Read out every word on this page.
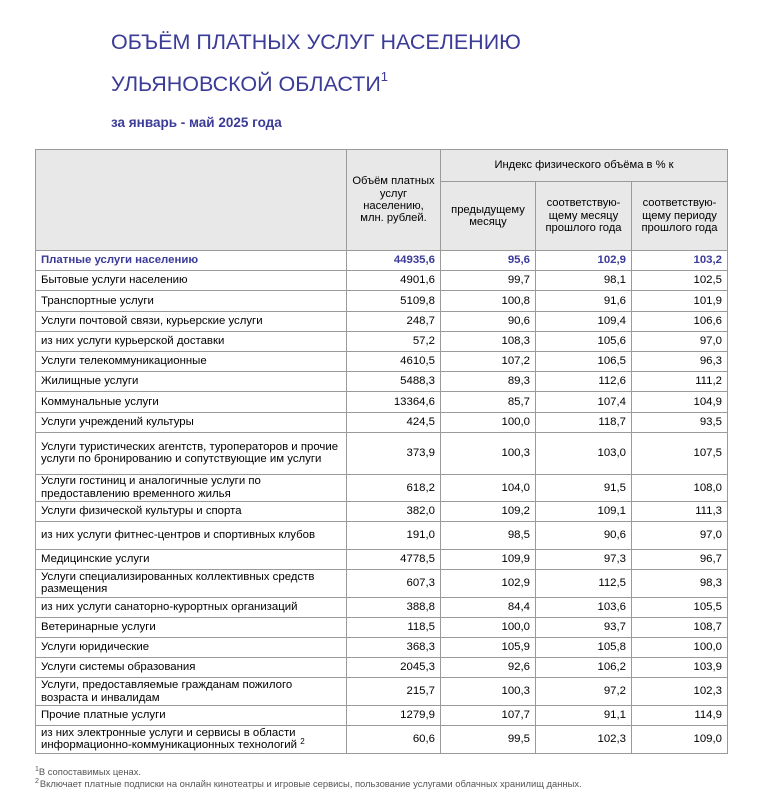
ОБЪЁМ ПЛАТНЫХ УСЛУГ НАСЕЛЕНИЮ
УЛЬЯНОВСКОЙ ОБЛАСТИ$^1$
за январь - май 2025 года
	Объём платных услуг населению, млн. рублей.	Индекс физического объёма в % к		
		предыдущему месяцу	соответствую-щему месяцу прошлого года	соответствую-щему периоду прошлого года
Платные услуги населению	44935,6	95,6	102,9	103,2
Бытовые услуги населению	4901,6	99,7	98,1	102,5
Транспортные услуги	5109,8	100,8	91,6	101,9
Услуги почтовой связи, курьерские услуги	248,7	90,6	109,4	106,6
из них услуги курьерской доставки	57,2	108,3	105,6	97,0
Услуги телекоммуникационные	4610,5	107,2	106,5	96,3
Жилищные услуги	5488,3	89,3	112,6	111,2
Коммунальные услуги	13364,6	85,7	107,4	104,9
Услуги учреждений культуры	424,5	100,0	118,7	93,5
Услуги туристических агентств, туроператоров и прочие услуги по бронированию и сопутствующие им услуги	373,9	100,3	103,0	107,5
Услуги гостиниц и аналогичные услуги по предоставлению временного жилья	618,2	104,0	91,5	108,0
Услуги физической культуры и спорта	382,0	109,2	109,1	111,3
из них услуги фитнес-центров и спортивных клубов	191,0	98,5	90,6	97,0
Медицинские услуги	4778,5	109,9	97,3	96,7
Услуги специализированных коллективных средств размещения	607,3	102,9	112,5	98,3
из них услуги санаторно-курортных организаций	388,8	84,4	103,6	105,5
Ветеринарные услуги	118,5	100,0	93,7	108,7
Услуги юридические	368,3	105,9	105,8	100,0
Услуги системы образования	2045,3	92,6	106,2	103,9
Услуги, предоставляемые гражданам пожилого возраста и инвалидам	215,7	100,3	97,2	102,3
Прочие платные услуги	1279,9	107,7	91,1	114,9
из них электронные услуги и сервисы в области информационно-коммуникационных технологий $^2$	60,6	99,5	102,3	109,0
$^1$В сопоставимых ценах.
$^2$Включает платные подписки на онлайн кинотеатры и игровые сервисы, пользование услугами облачных хранилищ данных.
